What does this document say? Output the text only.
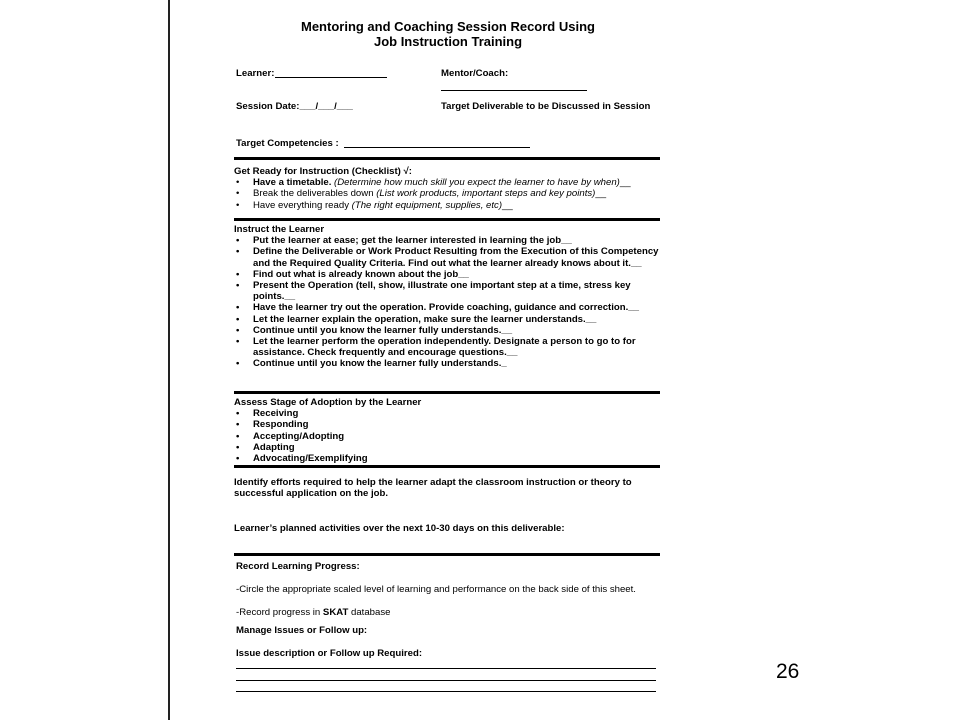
Mentoring and Coaching Session Record Using
Job Instruction Training
Learner:	Mentor/Coach:
Session Date:___/___/___	Target Deliverable to be Discussed in Session
Target Competencies :
Get Ready for Instruction (Checklist) √:
• Have a timetable. (Determine how much skill you expect the learner to have by when)__
• Break the deliverables down (List work products, important steps and key points)__
• Have everything ready (The right equipment, supplies, etc)__
Instruct the Learner
• Put the learner at ease; get the learner interested in learning the job__
• Define the Deliverable or Work Product Resulting from the Execution of this Competency and the Required Quality Criteria. Find out what the learner already knows about it.__
• Find out what is already known about the job__
• Present the Operation (tell, show, illustrate one important step at a time, stress key points.__
• Have the learner try out the operation. Provide coaching, guidance and correction.__
• Let the learner explain the operation, make sure the learner understands.__
• Continue until you know the learner fully understands.__
• Let the learner perform the operation independently. Designate a person to go to for assistance. Check frequently and encourage questions.__
• Continue until you know the learner fully understands._
Assess Stage of Adoption by the Learner
• Receiving
• Responding
• Accepting/Adopting
• Adapting
• Advocating/Exemplifying
Identify efforts required to help the learner adapt the classroom instruction or theory to successful application on the job.
Learner’s planned activities over the next 10-30 days on this deliverable:
Record Learning Progress:
-Circle the appropriate scaled level of learning and performance on the back side of this sheet.
-Record progress in SKAT database
Manage Issues or Follow up:
Issue description or Follow up Required:
26
